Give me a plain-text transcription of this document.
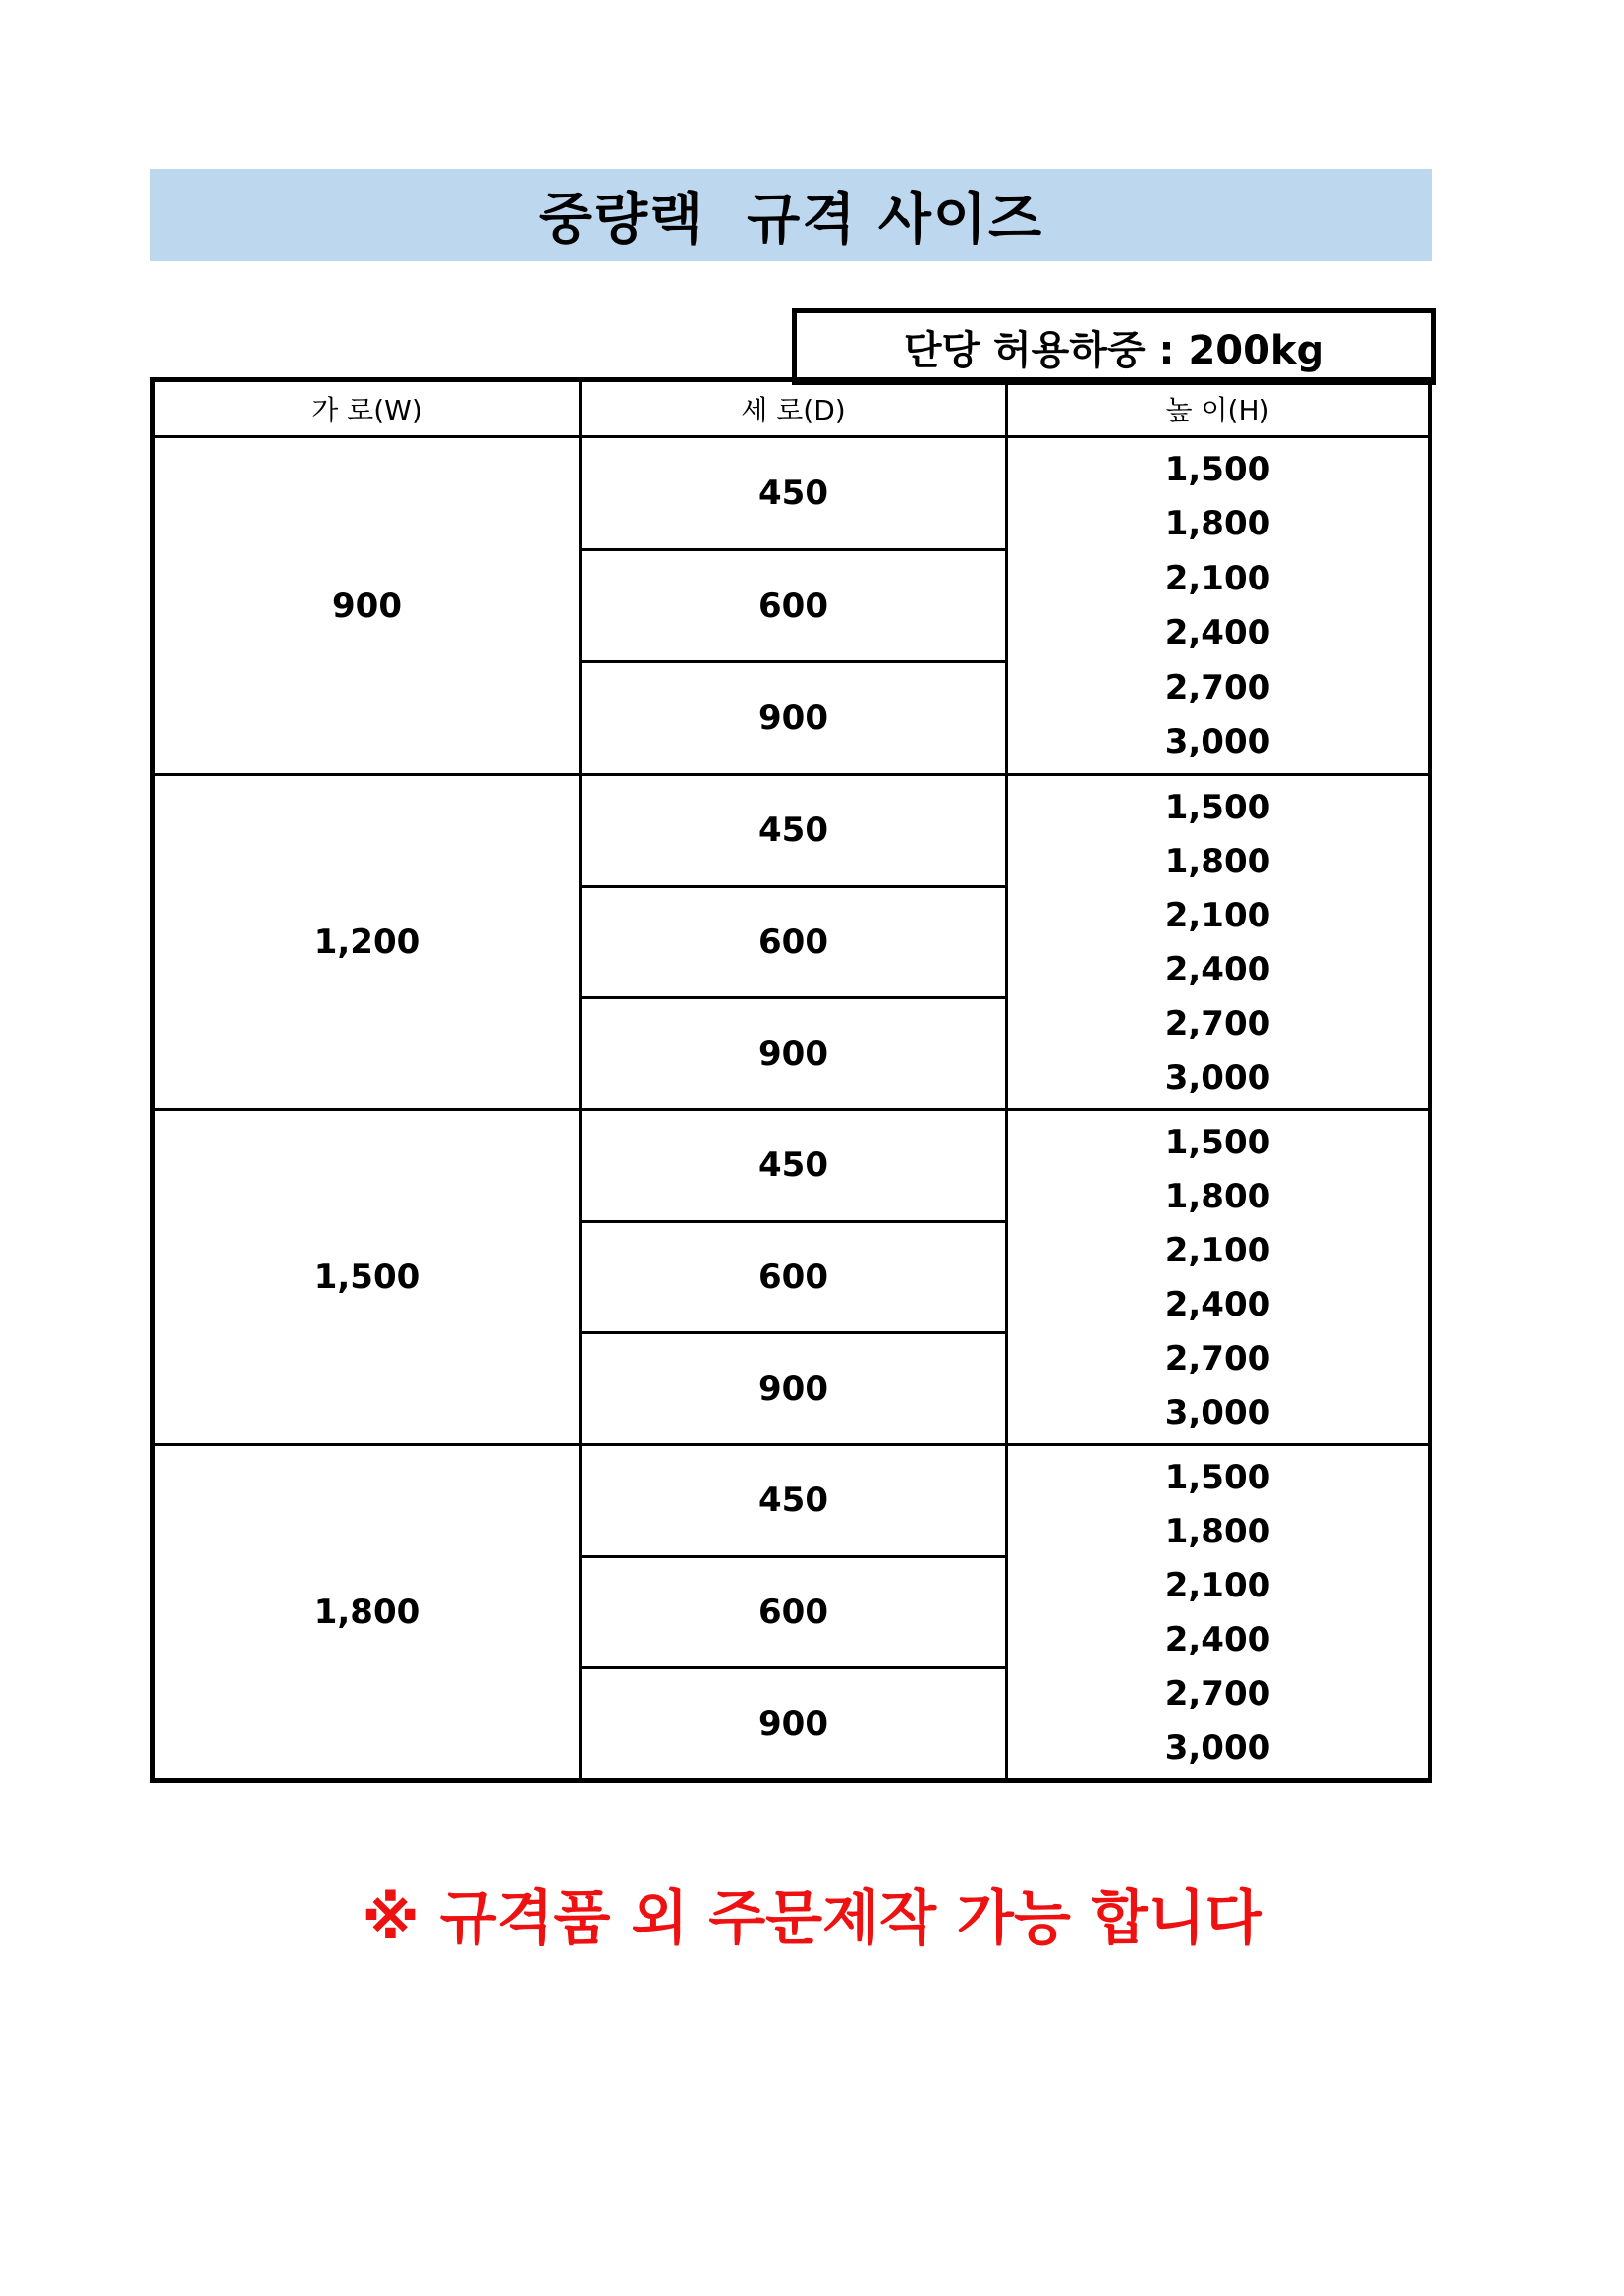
중량랙  규격 사이즈
단당 허용하중 : 200kg
가 로(W)	세 로(D)	높 이(H)
900
450
600
900
1,500
1,800
2,100
2,400
2,700
3,000
1,200
450
600
900
1,500
1,800
2,100
2,400
2,700
3,000
1,500
450
600
900
1,500
1,800
2,100
2,400
2,700
3,000
1,800
450
600
900
1,500
1,800
2,100
2,400
2,700
3,000
※ 규격품 외 주문제작 가능 합니다
